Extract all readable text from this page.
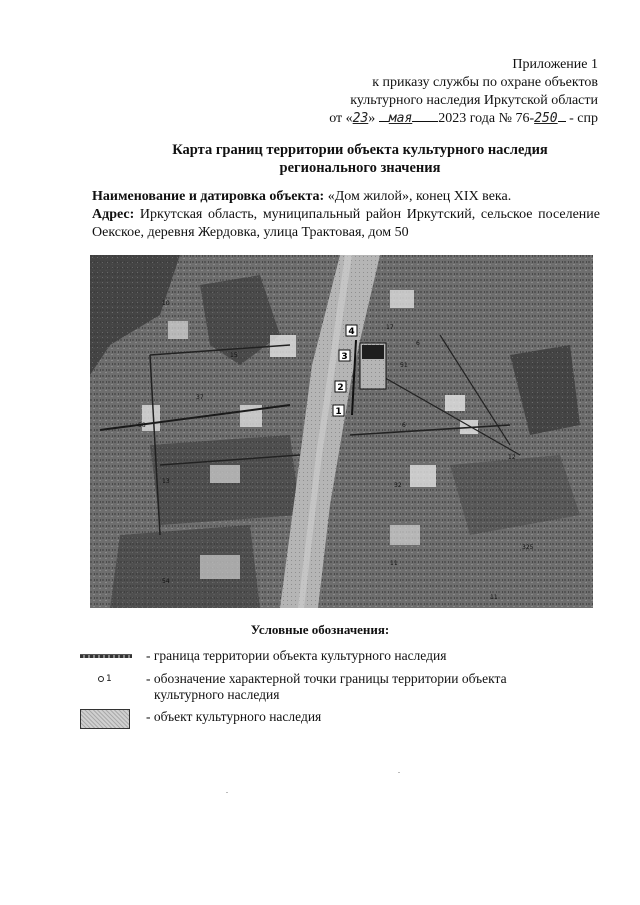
Приложение 1
к приказу службы по охране объектов
культурного наследия Иркутской области
от «23» мая 2023 года № 76-250 - спр
Карта границ территории объекта культурного наследия
регионального значения
Наименование и датировка объекта: «Дом жилой», конец XIX века.
Адрес: Иркутская область, муниципальный район Иркутский, сельское поселение Оекское, деревня Жердовка, улица Трактовая, дом 50
4
3
2
1
10
15
37
58
13
54
17
6
51
6
12
32
325
11
11
Условные обозначения:
- граница территории объекта культурного наследия
1	- обозначение характерной точки границы территории объекта
культурного наследия
- объект культурного наследия
